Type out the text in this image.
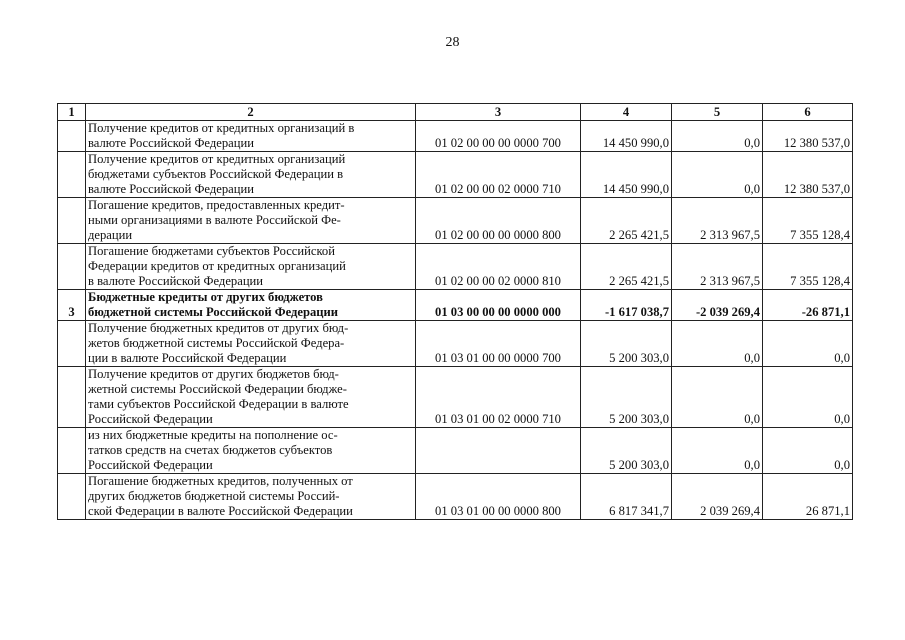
28
1	2	3	4	5	6
	Получение кредитов от кредитных организаций в
валюте Российской Федерации	01 02 00 00 00 0000 700	14 450 990,0	0,0	12 380 537,0
	Получение кредитов от кредитных организаций
бюджетами субъектов Российской Федерации в
валюте Российской Федерации	01 02 00 00 02 0000 710	14 450 990,0	0,0	12 380 537,0
	Погашение кредитов, предоставленных кредит-
ными организациями в валюте Российской Фе-
дерации	01 02 00 00 00 0000 800	2 265 421,5	2 313 967,5	7 355 128,4
	Погашение бюджетами субъектов Российской
Федерации кредитов от кредитных организаций
в валюте Российской Федерации	01 02 00 00 02 0000 810	2 265 421,5	2 313 967,5	7 355 128,4
3	Бюджетные кредиты от других бюджетов
бюджетной системы Российской Федерации	01 03 00 00 00 0000 000	-1 617 038,7	-2 039 269,4	-26 871,1
	Получение бюджетных кредитов от других бюд-
жетов бюджетной системы Российской Федера-
ции в валюте Российской Федерации	01 03 01 00 00 0000 700	5 200 303,0	0,0	0,0
	Получение кредитов от других бюджетов бюд-
жетной системы Российской Федерации бюдже-
тами субъектов Российской Федерации в валюте
Российской Федерации	01 03 01 00 02 0000 710	5 200 303,0	0,0	0,0
	из них бюджетные кредиты на пополнение ос-
татков средств на счетах бюджетов субъектов
Российской Федерации		5 200 303,0	0,0	0,0
	Погашение бюджетных кредитов, полученных от
других бюджетов бюджетной системы Россий-
ской Федерации в валюте Российской Федерации	01 03 01 00 00 0000 800	6 817 341,7	2 039 269,4	26 871,1
